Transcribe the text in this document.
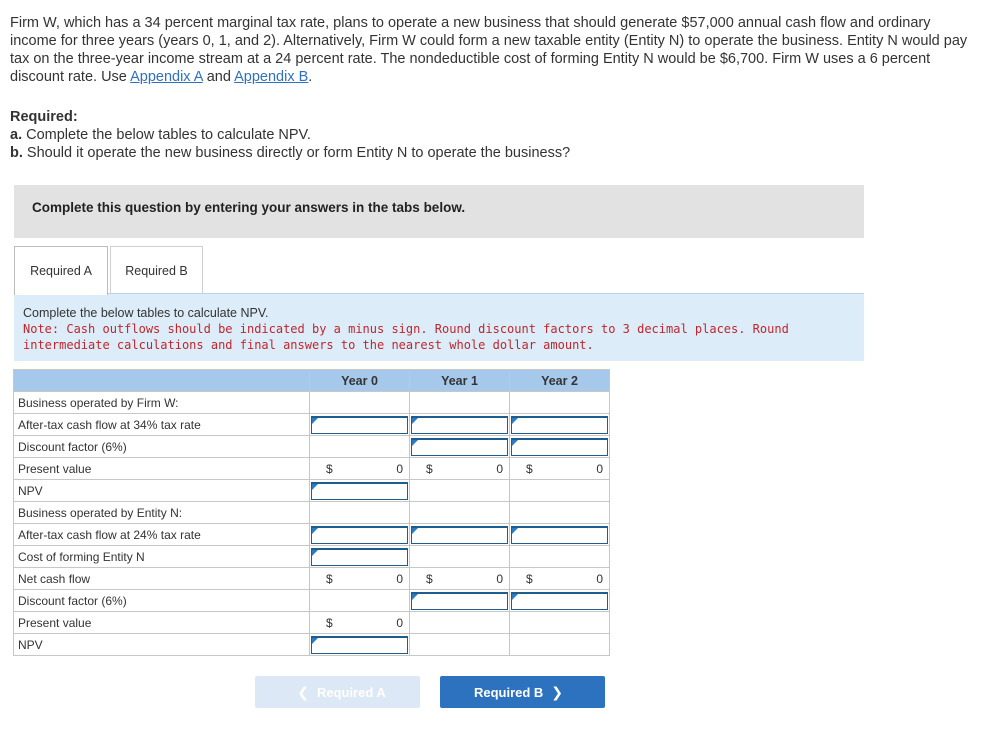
Firm W, which has a 34 percent marginal tax rate, plans to operate a new business that should generate $57,000 annual cash flow and ordinary income for three years (years 0, 1, and 2). Alternatively, Firm W could form a new taxable entity (Entity N) to operate the business. Entity N would pay tax on the three-year income stream at a 24 percent rate. The nondeductible cost of forming Entity N would be $6,700. Firm W uses a 6 percent discount rate. Use Appendix A and Appendix B.
Required:
a. Complete the below tables to calculate NPV.
b. Should it operate the new business directly or form Entity N to operate the business?
Complete this question by entering your answers in the tabs below.
Required A	Required B
Complete the below tables to calculate NPV.
Note: Cash outflows should be indicated by a minus sign. Round discount factors to 3 decimal places. Round intermediate calculations and final answers to the nearest whole dollar amount.
	Year 0	Year 1	Year 2
Business operated by Firm W:			
After-tax cash flow at 34% tax rate	

Discount factor (6%)		

Present value	$ 0	$ 0	$ 0

NPV	

Business operated by Entity N:			
After-tax cash flow at 24% tax rate	

Cost of forming Entity N	

Net cash flow	$ 0	$ 0	$ 0

Discount factor (6%)		

Present value	$ 0		

NPV	

❮ Required A	Required B ❯
